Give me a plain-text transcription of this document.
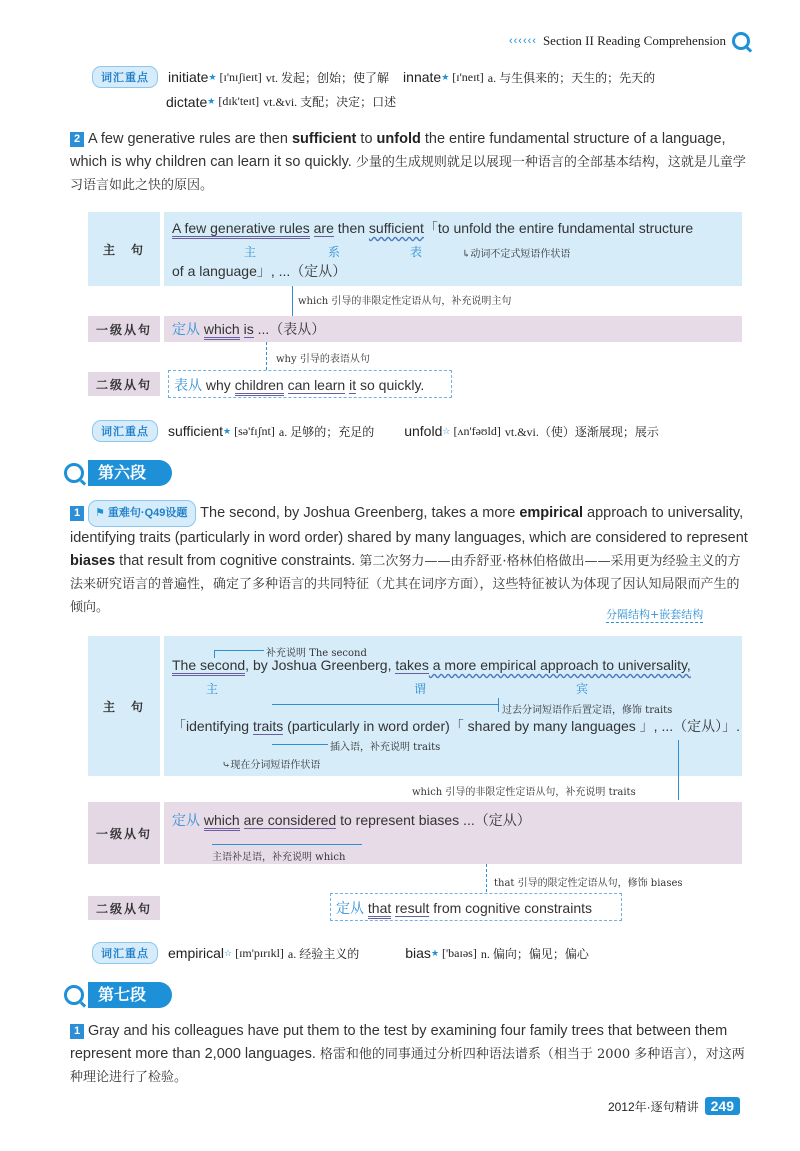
‹‹‹‹‹‹ Section II Reading Comprehension
词汇重点	initiate ★ [ɪ'nɪʃieɪt] vt. 发起；创始；使了解 innate ★ [ɪ'neɪt] a. 与生俱来的；天生的；先天的
dictate ★ [dɪk'teɪt] vt.&vi. 支配；决定；口述
2 A few generative rules are then sufficient to unfold the entire fundamental structure of a language, which is why children can learn it so quickly. 少量的生成规则就足以展现一种语言的全部基本结构，这就是儿童学习语言如此之快的原因。
主　句
A few generative rules are then sufficient「to unfold the entire fundamental structure
主	系	表	↳动词不定式短语作状语
of a language」, ...（定从）
which 引导的非限定性定语从句，补充说明主句
一级从句	定从 which is ...（表从）
why 引导的表语从句
二级从句	表从 why children can learn it so quickly.
词汇重点	sufficient ★ [sə'fɪʃnt] a. 足够的；充足的 unfold ☆ [ʌn'fəʊld] vt.&vi.（使）逐渐展现；展示
第六段
1 ⚑ 重难句·Q49设题 The second, by Joshua Greenberg, takes a more empirical approach to universality, identifying traits (particularly in word order) shared by many languages, which are considered to represent biases that result from cognitive constraints. 第二次努力——由乔舒亚·格林伯格做出——采用更为经验主义的方法来研究语言的普遍性，确定了多种语言的共同特征（尤其在词序方面），这些特征被认为体现了因认知局限而产生的倾向。	分隔结构+嵌套结构
主　句
补充说明 The second
The second, by Joshua Greenberg, takes a more empirical approach to universality,
主	谓	宾
过去分词短语作后置定语，修饰 traits
「identifying traits (particularly in word order)「 shared by many languages 」, ...（定从）」.
插入语，补充说明 traits
⤷现在分词短语作状语
which 引导的非限定性定语从句，补充说明 traits
一级从句
定从 which are considered to represent biases ...（定从）
主语补足语，补充说明 which
that 引导的限定性定语从句，修饰 biases
二级从句	定从 that result from cognitive constraints
词汇重点	empirical ☆ [ɪm'pɪrɪkl] a. 经验主义的	bias ★ ['baɪəs] n. 偏向；偏见；偏心
第七段
1 Gray and his colleagues have put them to the test by examining four family trees that between them represent more than 2,000 languages. 格雷和他的同事通过分析四种语法谱系（相当于 2000 多种语言），对这两种理论进行了检验。
2012年·逐句精讲 249
